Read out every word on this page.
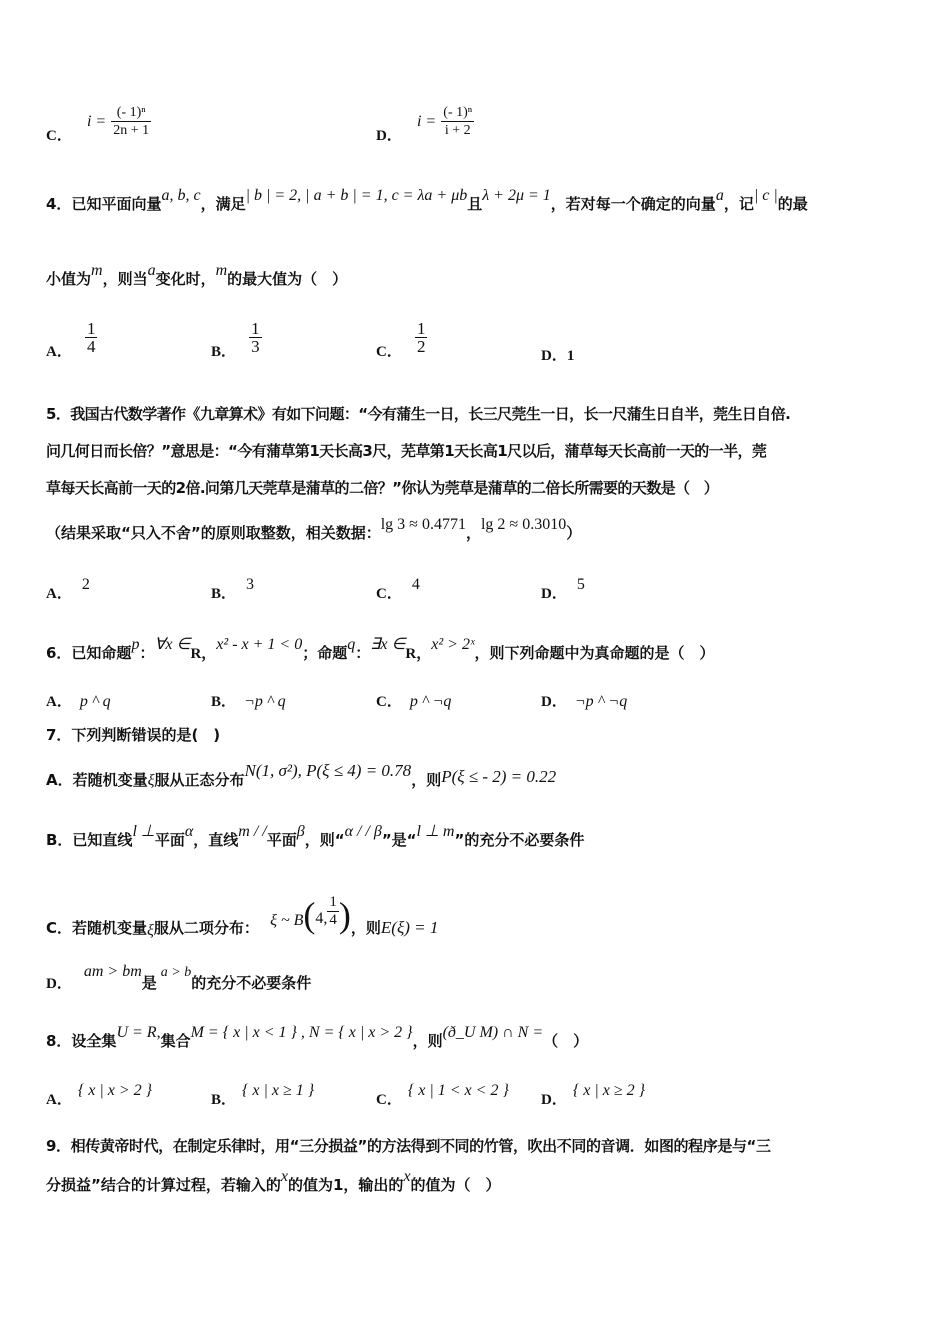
C． $i = \frac{\text{(- 1)ⁿ}}{2n + 1}$	D． $i = \frac{\text{(- 1)ⁿ}}{i + 2}$
4．已知平面向量a, b, c，满足| b | = 2, | a + b | = 1, c = λa + μb且λ + 2μ = 1，若对每一个确定的向量a，记| c |的最
小值为m，则当a变化时，m的最大值为（　）
A． $\frac{1}{4}$	B． $\frac{1}{3}$	C． $\frac{1}{2}$
D．1
5．我国古代数学著作《九章算术》有如下问题：“今有蒲生一日，长三尺莞生一日，长一尺蒲生日自半，莞生日自倍.
问几何日而长倍？”意思是：“今有蒲草第1天长高3尺，芜草第1天长高1尺以后，蒲草每天长高前一天的一半，莞
草每天长高前一天的2倍.问第几天莞草是蒲草的二倍？”你认为莞草是蒲草的二倍长所需要的天数是（　）
（结果采取“只入不舍”的原则取整数，相关数据：lg 3 ≈ 0.4771，lg 2 ≈ 0.3010）
A．2
B．3
C．4
D．5
6．已知命题p：∀x ∈R，x² - x + 1 < 0；命题q：∃x ∈R，x² > 2ˣ，则下列命题中为真命题的是（　）
A． p ^ q	B． ¬p ^ q	C． p ^ ¬q	D． ¬p ^ ¬q
7．下列判断错误的是(　)
A．若随机变量ξ服从正态分布N(1, σ²), P(ξ ≤ 4) = 0.78，则P(ξ ≤ - 2) = 0.22
B．已知直线l ⊥平面α，直线m / /平面β，则“α / / β”是“l ⊥ m”的充分不必要条件
C．若随机变量ξ服从二项分布： ξ ~ B(4, $\frac{1}{4}$ )，则E(ξ) = 1
D．am > bm是a > b的充分不必要条件
8．设全集U = R,集合M = { x | x < 1 } , N = { x | x > 2 }，则(ð_U M) ∩ N =（　）
A．{ x | x > 2 }
B．{ x | x ≥ 1 }
C．{ x | 1 < x < 2 }
D．{ x | x ≥ 2 }
9．相传黄帝时代，在制定乐律时，用“三分损益”的方法得到不同的竹管，吹出不同的音调．如图的程序是与“三
分损益”结合的计算过程，若输入的x的值为1，输出的x的值为（　）
